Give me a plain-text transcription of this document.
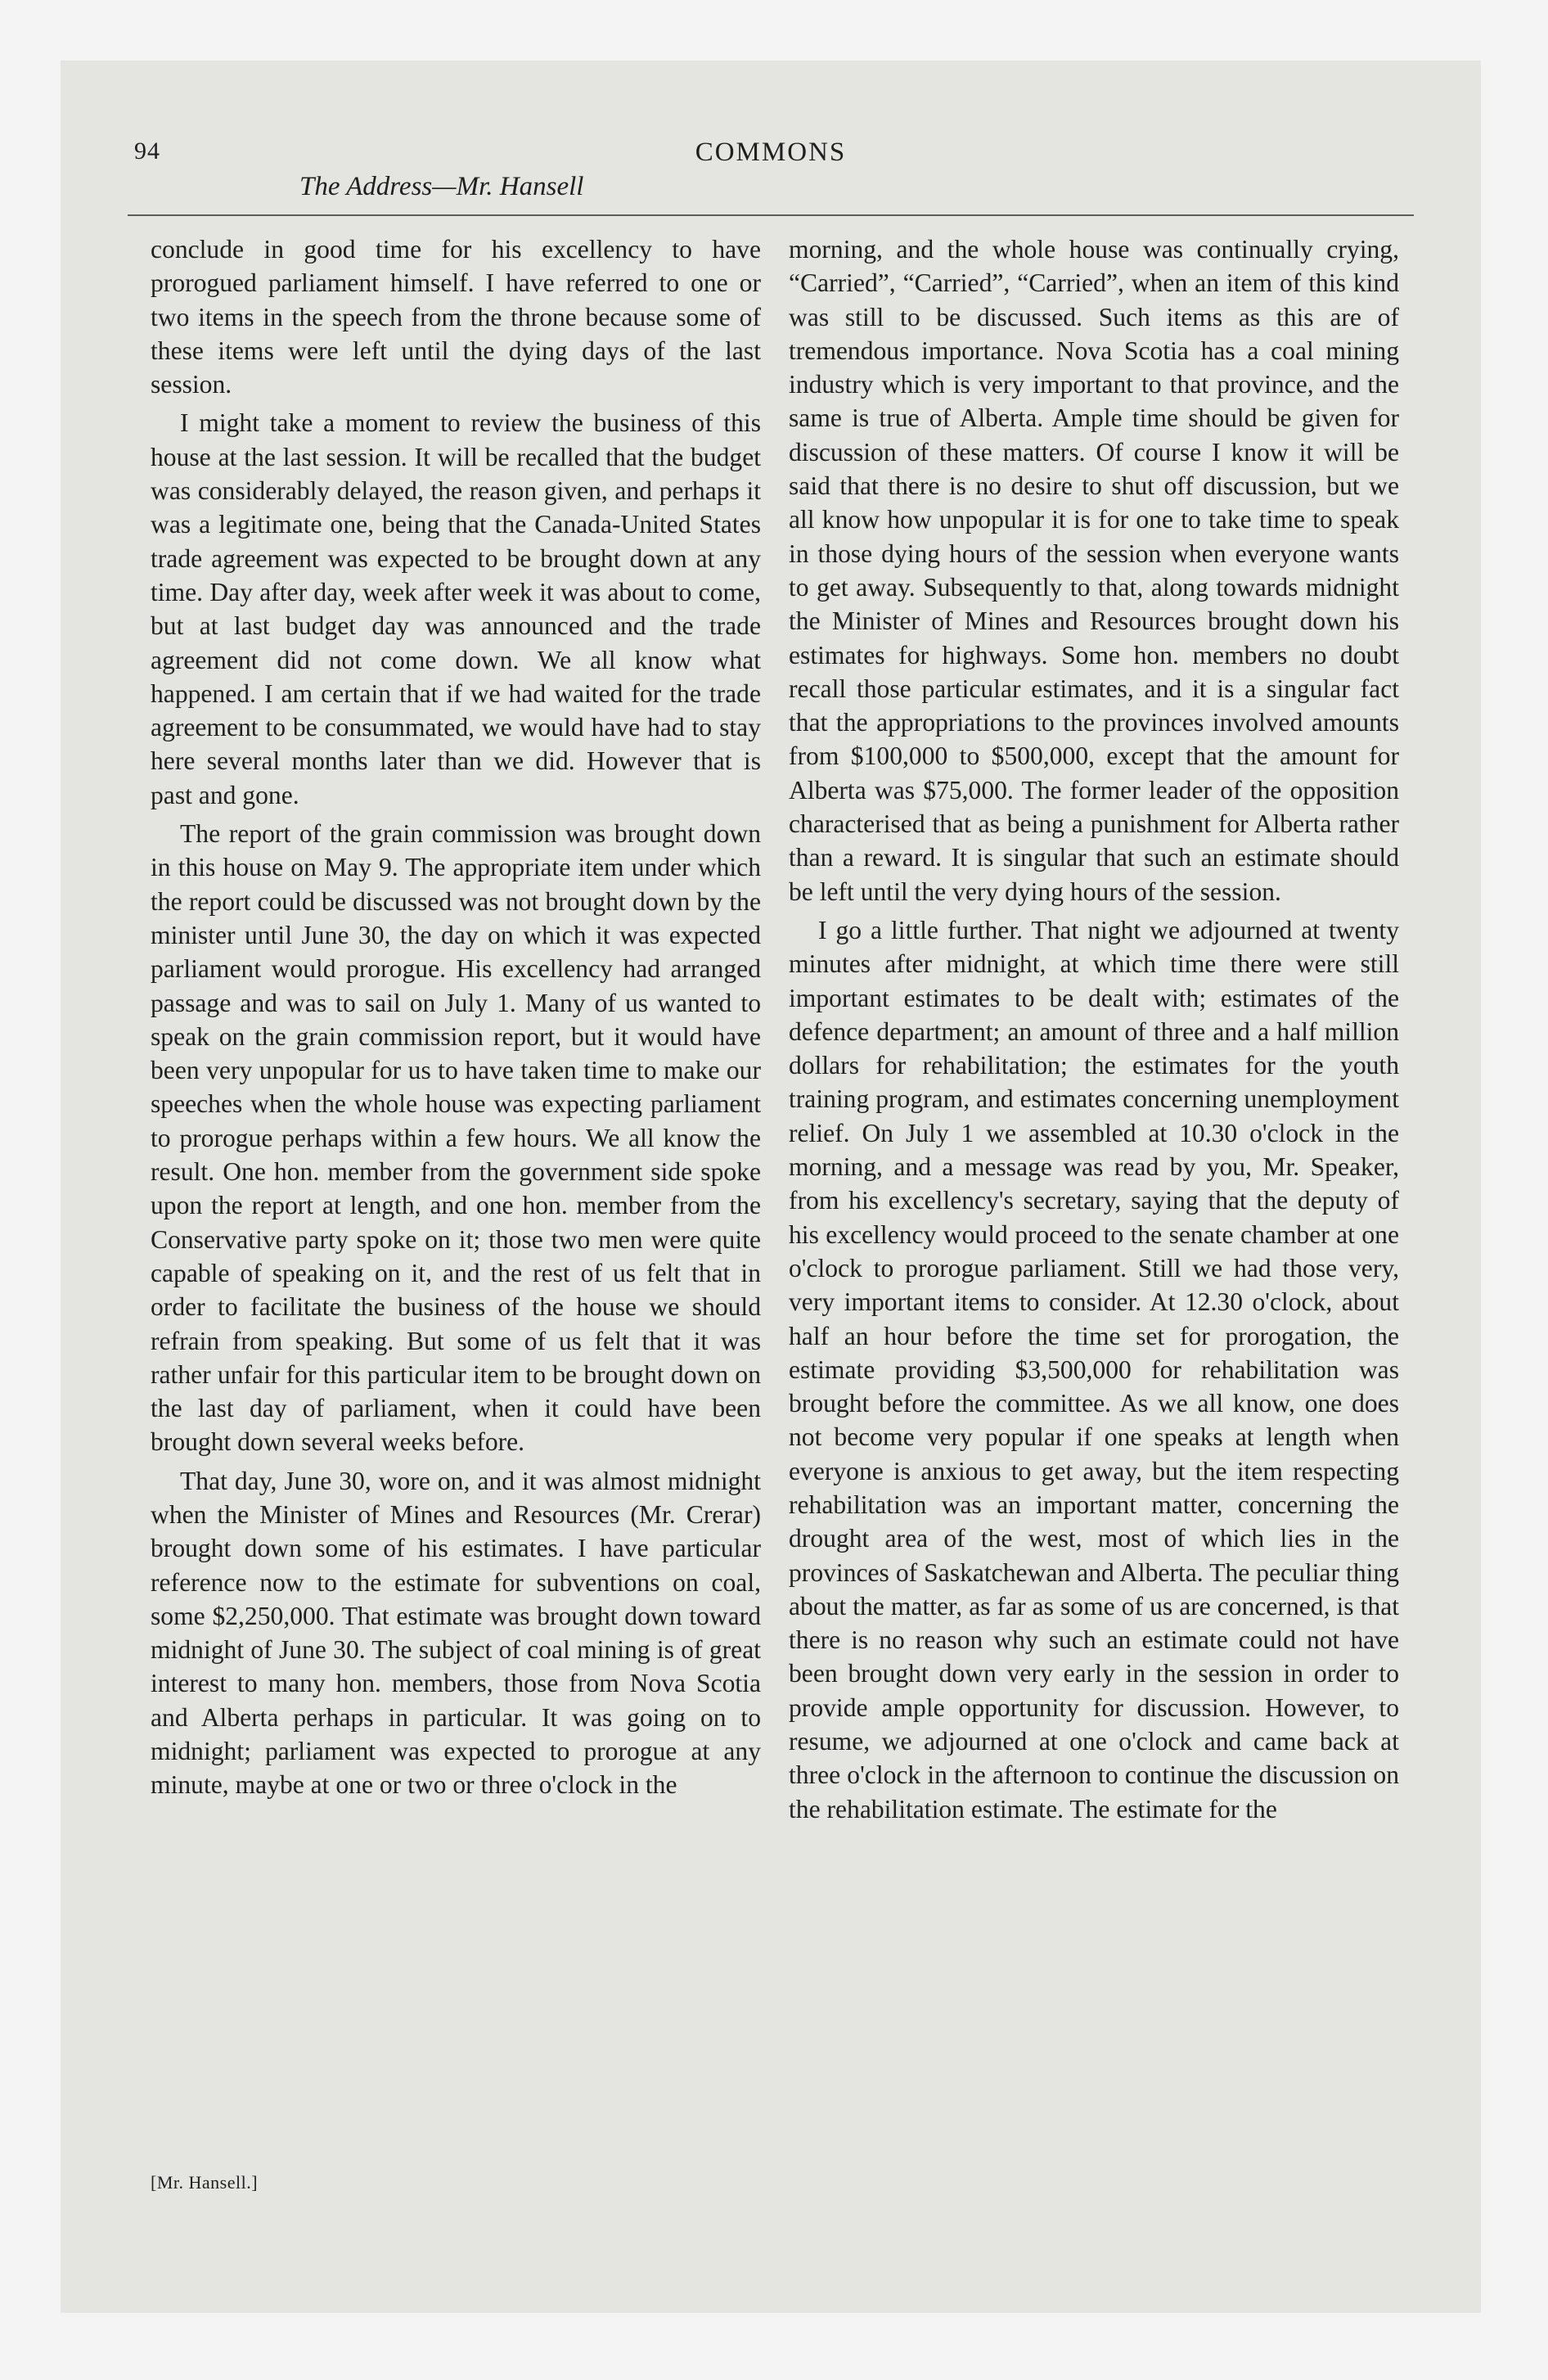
94	COMMONS
The Address—Mr. Hansell

conclude in good time for his excellency to have prorogued parliament himself. I have referred to one or two items in the speech from the throne because some of these items were left until the dying days of the last session.

I might take a moment to review the business of this house at the last session. It will be recalled that the budget was considerably delayed, the reason given, and perhaps it was a legitimate one, being that the Canada-United States trade agreement was expected to be brought down at any time. Day after day, week after week it was about to come, but at last budget day was announced and the trade agreement did not come down. We all know what happened. I am certain that if we had waited for the trade agreement to be consummated, we would have had to stay here several months later than we did. However that is past and gone.

The report of the grain commission was brought down in this house on May 9. The appropriate item under which the report could be discussed was not brought down by the minister until June 30, the day on which it was expected parliament would prorogue. His excellency had arranged passage and was to sail on July 1. Many of us wanted to speak on the grain commission report, but it would have been very unpopular for us to have taken time to make our speeches when the whole house was expecting parliament to prorogue perhaps within a few hours. We all know the result. One hon. member from the government side spoke upon the report at length, and one hon. member from the Conservative party spoke on it; those two men were quite capable of speaking on it, and the rest of us felt that in order to facilitate the business of the house we should refrain from speaking. But some of us felt that it was rather unfair for this particular item to be brought down on the last day of parliament, when it could have been brought down several weeks before.

That day, June 30, wore on, and it was almost midnight when the Minister of Mines and Resources (Mr. Crerar) brought down some of his estimates. I have particular reference now to the estimate for subventions on coal, some $2,250,000. That estimate was brought down toward midnight of June 30. The subject of coal mining is of great interest to many hon. members, those from Nova Scotia and Alberta perhaps in particular. It was going on to midnight; parliament was expected to prorogue at any minute, maybe at one or two or three o'clock in the

morning, and the whole house was continually crying, “Carried”, “Carried”, “Carried”, when an item of this kind was still to be discussed. Such items as this are of tremendous importance. Nova Scotia has a coal mining industry which is very important to that province, and the same is true of Alberta. Ample time should be given for discussion of these matters. Of course I know it will be said that there is no desire to shut off discussion, but we all know how unpopular it is for one to take time to speak in those dying hours of the session when everyone wants to get away. Subsequently to that, along towards midnight the Minister of Mines and Resources brought down his estimates for highways. Some hon. members no doubt recall those particular estimates, and it is a singular fact that the appropriations to the provinces involved amounts from $100,000 to $500,000, except that the amount for Alberta was $75,000. The former leader of the opposition characterised that as being a punishment for Alberta rather than a reward. It is singular that such an estimate should be left until the very dying hours of the session.

I go a little further. That night we adjourned at twenty minutes after midnight, at which time there were still important estimates to be dealt with; estimates of the defence department; an amount of three and a half million dollars for rehabilitation; the estimates for the youth training program, and estimates concerning unemployment relief. On July 1 we assembled at 10.30 o'clock in the morning, and a message was read by you, Mr. Speaker, from his excellency's secretary, saying that the deputy of his excellency would proceed to the senate chamber at one o'clock to prorogue parliament. Still we had those very, very important items to consider. At 12.30 o'clock, about half an hour before the time set for prorogation, the estimate providing $3,500,000 for rehabilitation was brought before the committee. As we all know, one does not become very popular if one speaks at length when everyone is anxious to get away, but the item respecting rehabilitation was an important matter, concerning the drought area of the west, most of which lies in the provinces of Saskatchewan and Alberta. The peculiar thing about the matter, as far as some of us are concerned, is that there is no reason why such an estimate could not have been brought down very early in the session in order to provide ample opportunity for discussion. However, to resume, we adjourned at one o'clock and came back at three o'clock in the afternoon to continue the discussion on the rehabilitation estimate. The estimate for the

[Mr. Hansell.]
